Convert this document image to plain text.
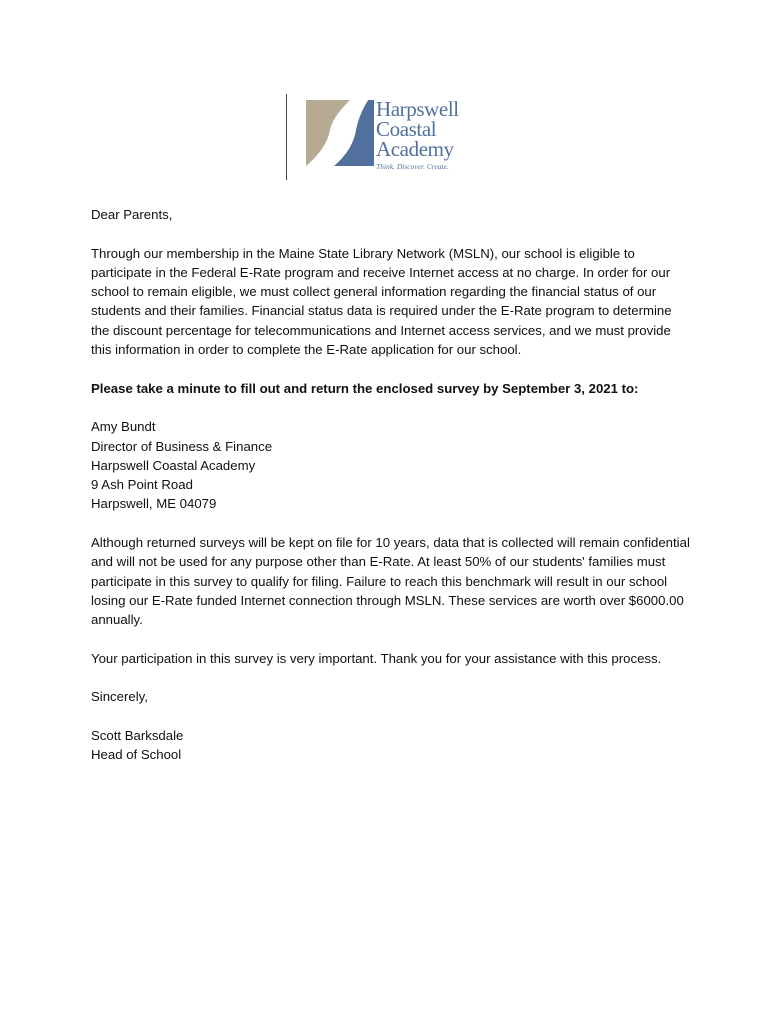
Harpswell
Coastal
Academy
Think. Discover. Create.

Dear Parents,

Through our membership in the Maine State Library Network (MSLN), our school is eligible to participate in the Federal E-Rate program and receive Internet access at no charge. In order for our school to remain eligible, we must collect general information regarding the financial status of our students and their families. Financial status data is required under the E-Rate program to determine the discount percentage for telecommunications and Internet access services, and we must provide this information in order to complete the E-Rate application for our school.

Please take a minute to fill out and return the enclosed survey by September 3, 2021 to:

Amy Bundt
Director of Business & Finance
Harpswell Coastal Academy
9 Ash Point Road
Harpswell, ME 04079

Although returned surveys will be kept on file for 10 years, data that is collected will remain confidential and will not be used for any purpose other than E-Rate. At least 50% of our students' families must participate in this survey to qualify for filing. Failure to reach this benchmark will result in our school losing our E-Rate funded Internet connection through MSLN. These services are worth over $6000.00 annually.

Your participation in this survey is very important. Thank you for your assistance with this process.

Sincerely,

Scott Barksdale
Head of School
